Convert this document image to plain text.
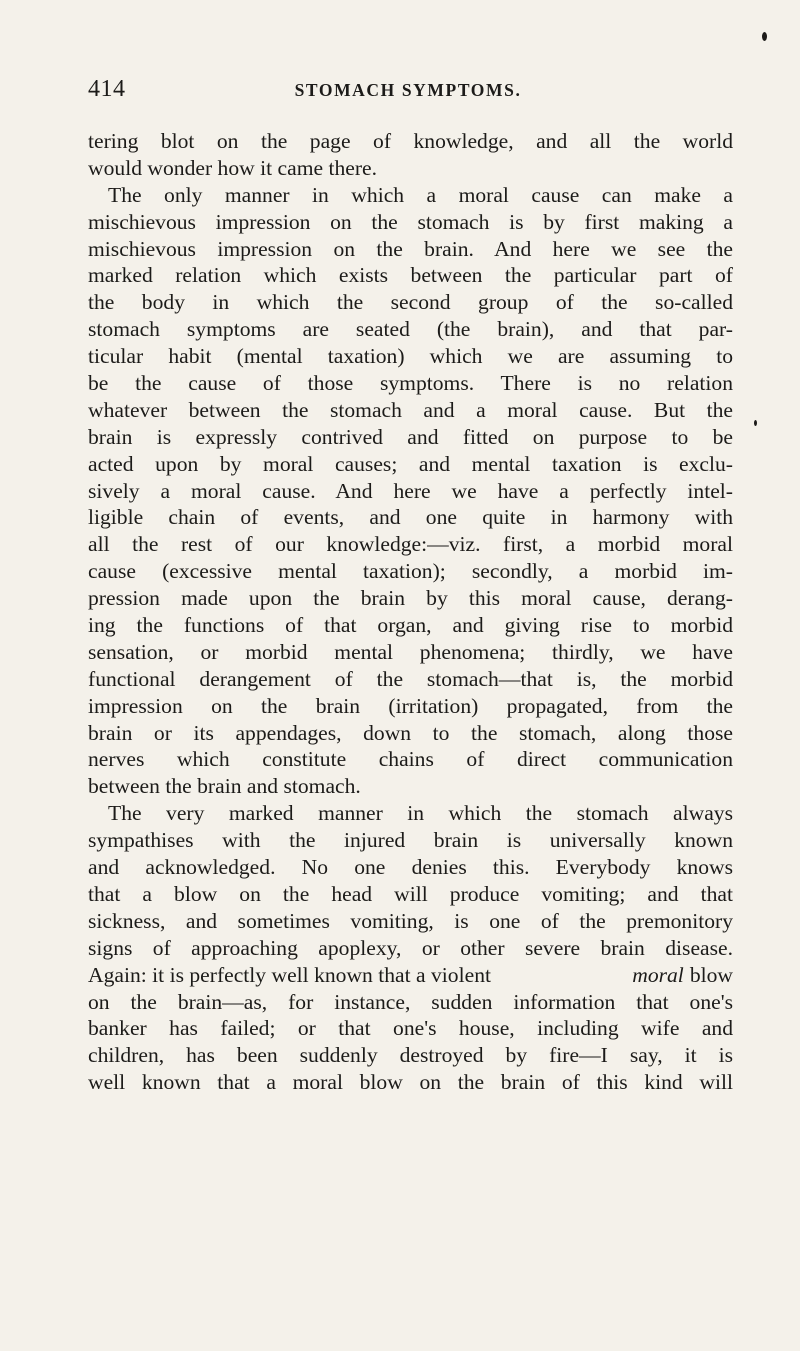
414	STOMACH SYMPTOMS.
tering blot on the page of knowledge, and all the world
would wonder how it came there.
The only manner in which a moral cause can make a
mischievous impression on the stomach is by first making a
mischievous impression on the brain. And here we see the
marked relation which exists between the particular part of
the body in which the second group of the so-called
stomach symptoms are seated (the brain), and that par-
ticular habit (mental taxation) which we are assuming to
be the cause of those symptoms. There is no relation
whatever between the stomach and a moral cause. But the
brain is expressly contrived and fitted on purpose to be
acted upon by moral causes; and mental taxation is exclu-
sively a moral cause. And here we have a perfectly intel-
ligible chain of events, and one quite in harmony with
all the rest of our knowledge:—viz. first, a morbid moral
cause (excessive mental taxation); secondly, a morbid im-
pression made upon the brain by this moral cause, derang-
ing the functions of that organ, and giving rise to morbid
sensation, or morbid mental phenomena; thirdly, we have
functional derangement of the stomach—that is, the morbid
impression on the brain (irritation) propagated, from the
brain or its appendages, down to the stomach, along those
nerves which constitute chains of direct communication
between the brain and stomach.
The very marked manner in which the stomach always
sympathises with the injured brain is universally known
and acknowledged. No one denies this. Everybody knows
that a blow on the head will produce vomiting; and that
sickness, and sometimes vomiting, is one of the premonitory
signs of approaching apoplexy, or other severe brain disease.
Again: it is perfectly well known that a violent	moral blow
on the brain—as, for instance, sudden information that one's
banker has failed; or that one's house, including wife and
children, has been suddenly destroyed by fire—I say, it is
well known that a moral blow on the brain of this kind will
